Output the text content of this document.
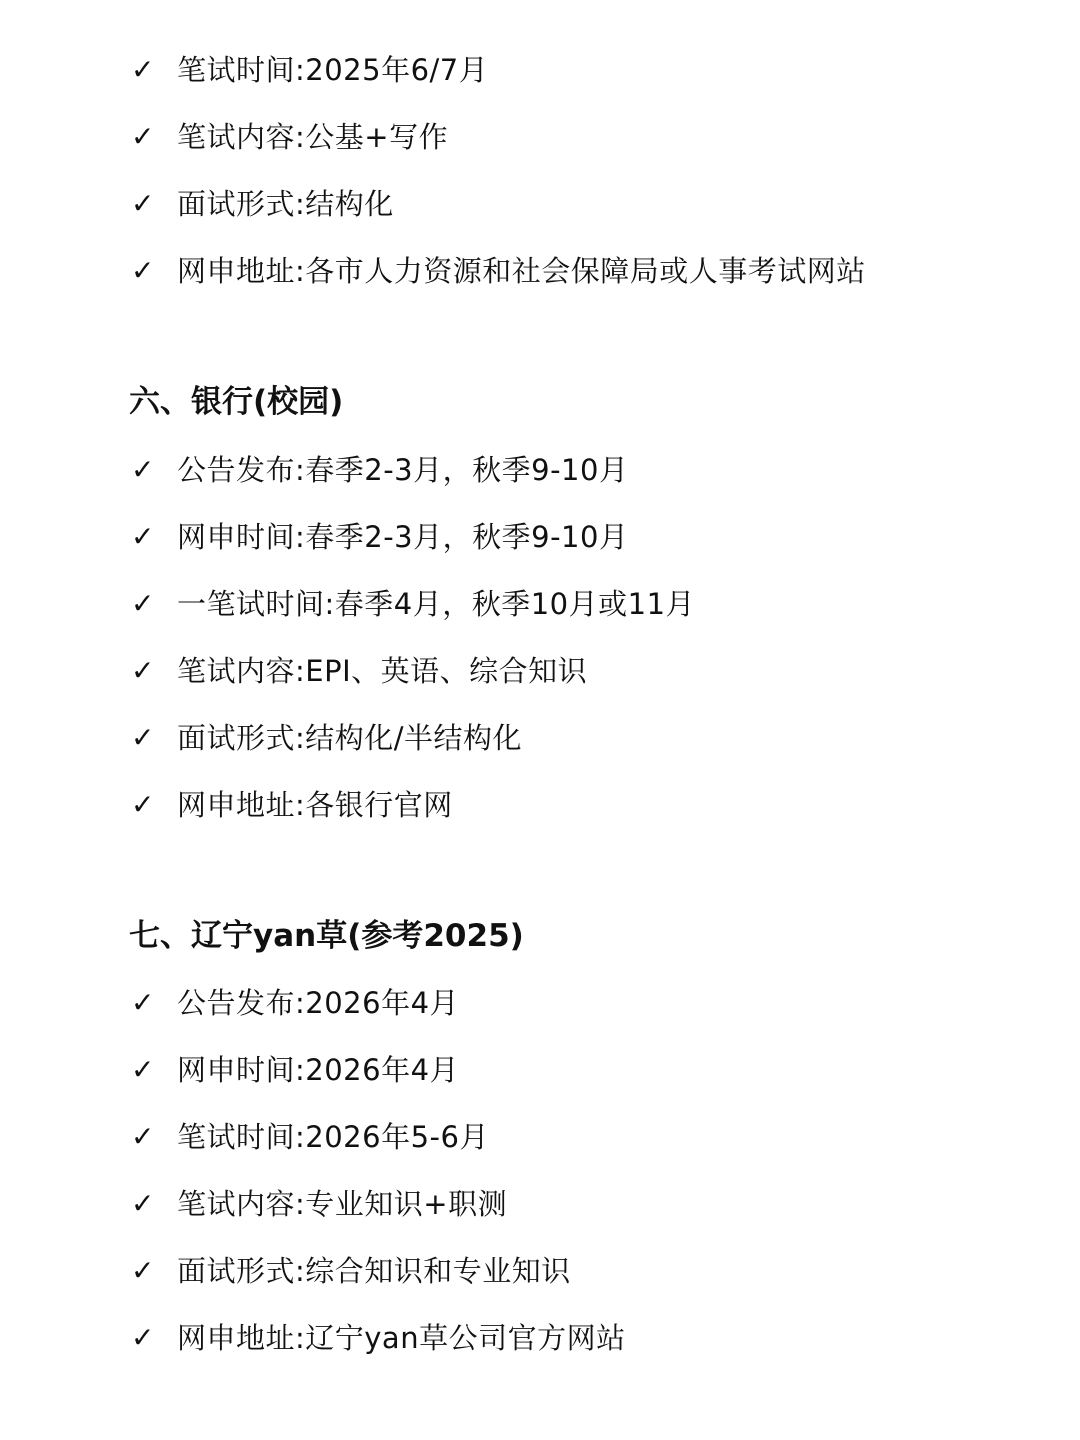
✓ 笔试时间:2025年6/7月
✓ 笔试内容:公基+写作
✓ 面试形式:结构化
✓ 网申地址:各市人力资源和社会保障局或人事考试网站
六、银行(校园)
✓ 公告发布:春季2-3月，秋季9-10月
✓ 网申时间:春季2-3月，秋季9-10月
✓ 一笔试时间:春季4月，秋季10月或11月
✓ 笔试内容:EPI、英语、综合知识
✓ 面试形式:结构化/半结构化
✓ 网申地址:各银行官网
七、辽宁yan草(参考2025)
✓ 公告发布:2026年4月
✓ 网申时间:2026年4月
✓ 笔试时间:2026年5-6月
✓ 笔试内容:专业知识+职测
✓ 面试形式:综合知识和专业知识
✓ 网申地址:辽宁yan草公司官方网站
